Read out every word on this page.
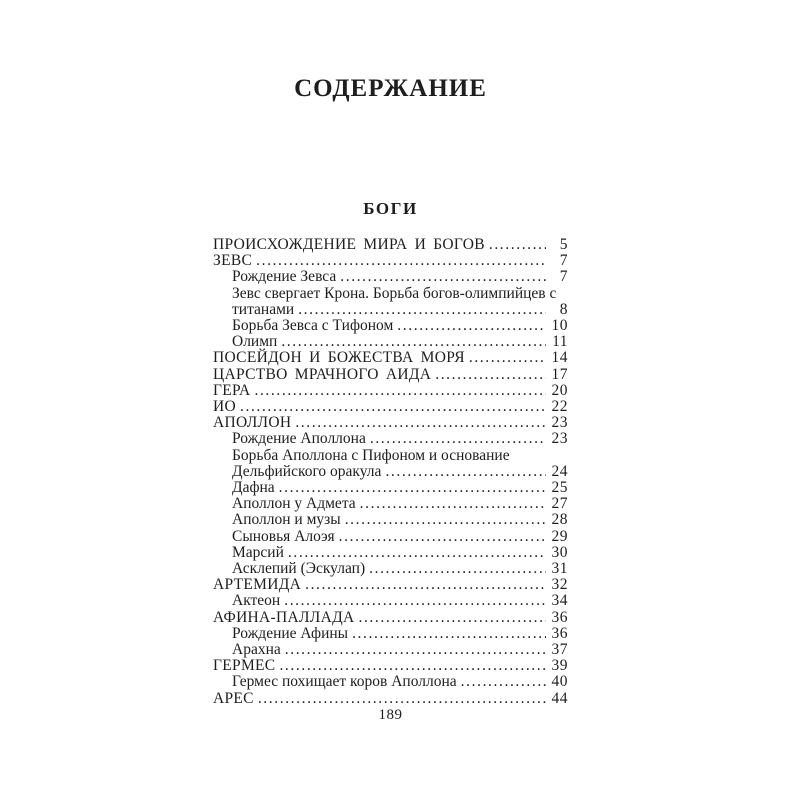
СОДЕРЖАНИЕ
БОГИ
ПРОИСХОЖДЕНИЕ МИРА И БОГОВ .....	5
ЗЕВС .....	7
Рождение Зевса .....	7
Зевс свергает Крона. Борьба богов-олимпийцев с
титанами .....	8
Борьба Зевса с Тифоном .....	10
Олимп .....	11
ПОСЕЙДОН И БОЖЕСТВА МОРЯ .....	14
ЦАРСТВО МРАЧНОГО АИДА .....	17
ГЕРА .....	20
ИО .....	22
АПОЛЛОН .....	23
Рождение Аполлона .....	23
Борьба Аполлона с Пифоном и основание
Дельфийского оракула .....	24
Дафна .....	25
Аполлон у Адмета .....	27
Аполлон и музы .....	28
Сыновья Алоэя .....	29
Марсий .....	30
Асклепий (Эскулап) .....	31
АРТЕМИДА .....	32
Актеон .....	34
АФИНА-ПАЛЛАДА .....	36
Рождение Афины .....	36
Арахна .....	37
ГЕРМЕС .....	39
Гермес похищает коров Аполлона .....	40
АРЕС .....	44
189
